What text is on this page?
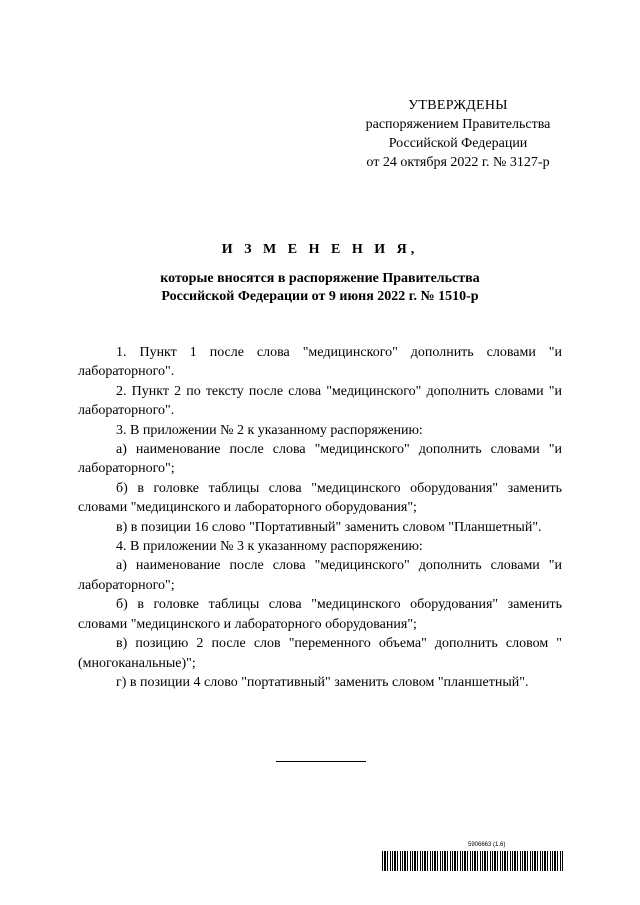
УТВЕРЖДЕНЫ
распоряжением Правительства
Российской Федерации
от 24 октября 2022 г. № 3127-р
И З М Е Н Е Н И Я,
которые вносятся в распоряжение Правительства
Российской Федерации от 9 июня 2022 г. № 1510-р

1. Пункт 1 после слова "медицинского" дополнить словами "и лабораторного".

2. Пункт 2 по тексту после слова "медицинского" дополнить словами "и лабораторного".

3. В приложении № 2 к указанному распоряжению:

а) наименование после слова "медицинского" дополнить словами "и лабораторного";

б) в головке таблицы слова "медицинского оборудования" заменить словами "медицинского и лабораторного оборудования";

в) в позиции 16 слово "Портативный" заменить словом "Планшетный".

4. В приложении № 3 к указанному распоряжению:

а) наименование после слова "медицинского" дополнить словами "и лабораторного";

б) в головке таблицы слова "медицинского оборудования" заменить словами "медицинского и лабораторного оборудования";

в) позицию 2 после слов "переменного объема" дополнить словом "(многоканальные)";

г) в позиции 4 слово "портативный" заменить словом "планшетный".

5906663 (1.6)
